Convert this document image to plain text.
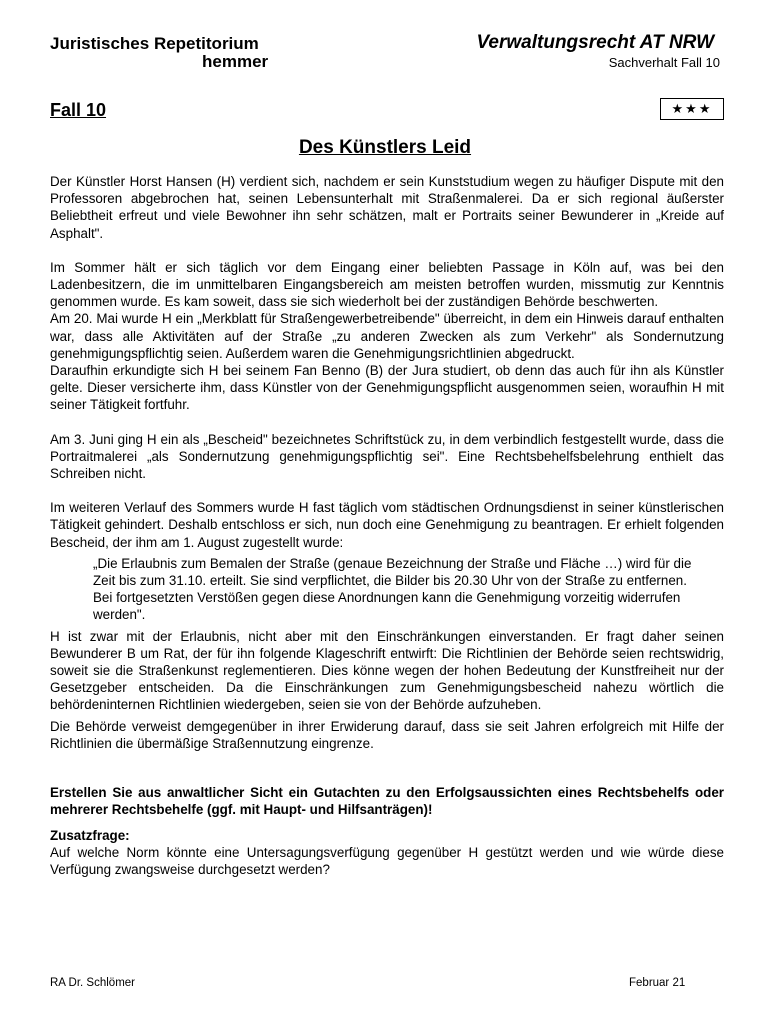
Juristisches Repetitorium
hemmer
Verwaltungsrecht AT NRW
Sachverhalt Fall 10
Fall 10	★★★
Des Künstlers Leid

Der Künstler Horst Hansen (H) verdient sich, nachdem er sein Kunststudium wegen zu häufiger Dispute mit den Professoren abgebrochen hat, seinen Lebensunterhalt mit Straßenmalerei. Da er sich regional äußerster Beliebtheit erfreut und viele Bewohner ihn sehr schätzen, malt er Portraits seiner Bewunderer in „Kreide auf Asphalt".

Im Sommer hält er sich täglich vor dem Eingang einer beliebten Passage in Köln auf, was bei den Ladenbesitzern, die im unmittelbaren Eingangsbereich am meisten betroffen wurden, missmutig zur Kenntnis genommen wurde. Es kam soweit, dass sie sich wiederholt bei der zuständigen Behörde beschwerten.

Am 20. Mai wurde H ein „Merkblatt für Straßengewerbetreibende" überreicht, in dem ein Hinweis darauf enthalten war, dass alle Aktivitäten auf der Straße „zu anderen Zwecken als zum Verkehr" als Sondernutzung genehmigungspflichtig seien. Außerdem waren die Genehmigungsrichtlinien abgedruckt.

Daraufhin erkundigte sich H bei seinem Fan Benno (B) der Jura studiert, ob denn das auch für ihn als Künstler gelte. Dieser versicherte ihm, dass Künstler von der Genehmigungspflicht ausgenommen seien, woraufhin H mit seiner Tätigkeit fortfuhr.

Am 3. Juni ging H ein als „Bescheid" bezeichnetes Schriftstück zu, in dem verbindlich festgestellt wurde, dass die Portraitmalerei „als Sondernutzung genehmigungspflichtig sei". Eine Rechtsbehelfsbelehrung enthielt das Schreiben nicht.

Im weiteren Verlauf des Sommers wurde H fast täglich vom städtischen Ordnungsdienst in seiner künstlerischen Tätigkeit gehindert. Deshalb entschloss er sich, nun doch eine Genehmigung zu beantragen. Er erhielt folgenden Bescheid, der ihm am 1. August zugestellt wurde:

„Die Erlaubnis zum Bemalen der Straße (genaue Bezeichnung der Straße und Fläche …) wird für die Zeit bis zum 31.10. erteilt. Sie sind verpflichtet, die Bilder bis 20.30 Uhr von der Straße zu entfernen. Bei fortgesetzten Verstößen gegen diese Anordnungen kann die Genehmigung vorzeitig widerrufen werden".

H ist zwar mit der Erlaubnis, nicht aber mit den Einschränkungen einverstanden. Er fragt daher seinen Bewunderer B um Rat, der für ihn folgende Klageschrift entwirft: Die Richtlinien der Behörde seien rechtswidrig, soweit sie die Straßenkunst reglementieren. Dies könne wegen der hohen Bedeutung der Kunstfreiheit nur der Gesetzgeber entscheiden. Da die Einschränkungen zum Genehmigungsbescheid nahezu wörtlich die behördeninternen Richtlinien wiedergeben, seien sie von der Behörde aufzuheben.

Die Behörde verweist demgegenüber in ihrer Erwiderung darauf, dass sie seit Jahren erfolgreich mit Hilfe der Richtlinien die übermäßige Straßennutzung eingrenze.

Erstellen Sie aus anwaltlicher Sicht ein Gutachten zu den Erfolgsaussichten eines Rechtsbehelfs oder mehrerer Rechtsbehelfe (ggf. mit Haupt- und Hilfsanträgen)!

Zusatzfrage:

Auf welche Norm könnte eine Untersagungsverfügung gegenüber H gestützt werden und wie würde diese Verfügung zwangsweise durchgesetzt werden?

RA Dr. Schlömer	Februar 21
